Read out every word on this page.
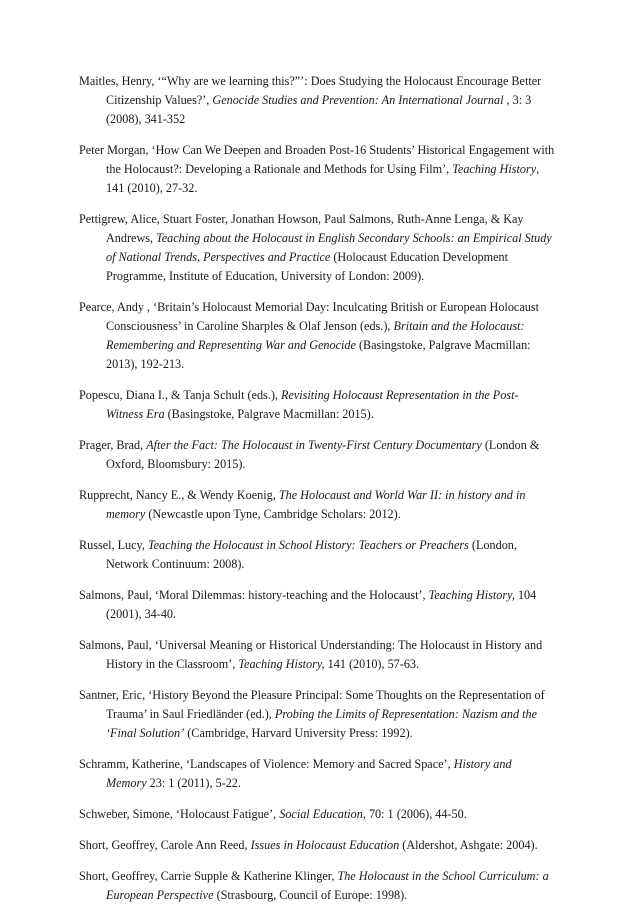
Maitles, Henry, ‘“Why are we learning this?”’: Does Studying the Holocaust Encourage Better Citizenship Values?’, Genocide Studies and Prevention: An International Journal , 3: 3 (2008), 341-352
Peter Morgan, ‘How Can We Deepen and Broaden Post-16 Students’ Historical Engagement with the Holocaust?: Developing a Rationale and Methods for Using Film’, Teaching History, 141 (2010), 27-32.
Pettigrew, Alice, Stuart Foster, Jonathan Howson, Paul Salmons, Ruth-Anne Lenga, & Kay Andrews, Teaching about the Holocaust in English Secondary Schools: an Empirical Study of National Trends, Perspectives and Practice (Holocaust Education Development Programme, Institute of Education, University of London: 2009).
Pearce, Andy , ‘Britain’s Holocaust Memorial Day: Inculcating British or European Holocaust Consciousness’ in Caroline Sharples & Olaf Jenson (eds.), Britain and the Holocaust: Remembering and Representing War and Genocide (Basingstoke, Palgrave Macmillan: 2013), 192-213.
Popescu, Diana I., & Tanja Schult (eds.), Revisiting Holocaust Representation in the Post-Witness Era (Basingstoke, Palgrave Macmillan: 2015).
Prager, Brad, After the Fact: The Holocaust in Twenty-First Century Documentary (London & Oxford, Bloomsbury: 2015).
Rupprecht, Nancy E., & Wendy Koenig, The Holocaust and World War II: in history and in memory (Newcastle upon Tyne, Cambridge Scholars: 2012).
Russel, Lucy, Teaching the Holocaust in School History: Teachers or Preachers (London, Network Continuum: 2008).
Salmons, Paul, ‘Moral Dilemmas: history-teaching and the Holocaust’, Teaching History, 104 (2001), 34-40.
Salmons, Paul, ‘Universal Meaning or Historical Understanding: The Holocaust in History and History in the Classroom’, Teaching History, 141 (2010), 57-63.
Santner, Eric, ‘History Beyond the Pleasure Principal: Some Thoughts on the Representation of Trauma’ in Saul Friedländer (ed.), Probing the Limits of Representation: Nazism and the ‘Final Solution’ (Cambridge, Harvard University Press: 1992).
Schramm, Katherine, ‘Landscapes of Violence: Memory and Sacred Space’, History and Memory 23: 1 (2011), 5-22.
Schweber, Simone, ‘Holocaust Fatigue’, Social Education, 70: 1 (2006), 44-50.
Short, Geoffrey, Carole Ann Reed, Issues in Holocaust Education (Aldershot, Ashgate: 2004).
Short, Geoffrey, Carrie Supple & Katherine Klinger, The Holocaust in the School Curriculum: a European Perspective (Strasbourg, Council of Europe: 1998).
